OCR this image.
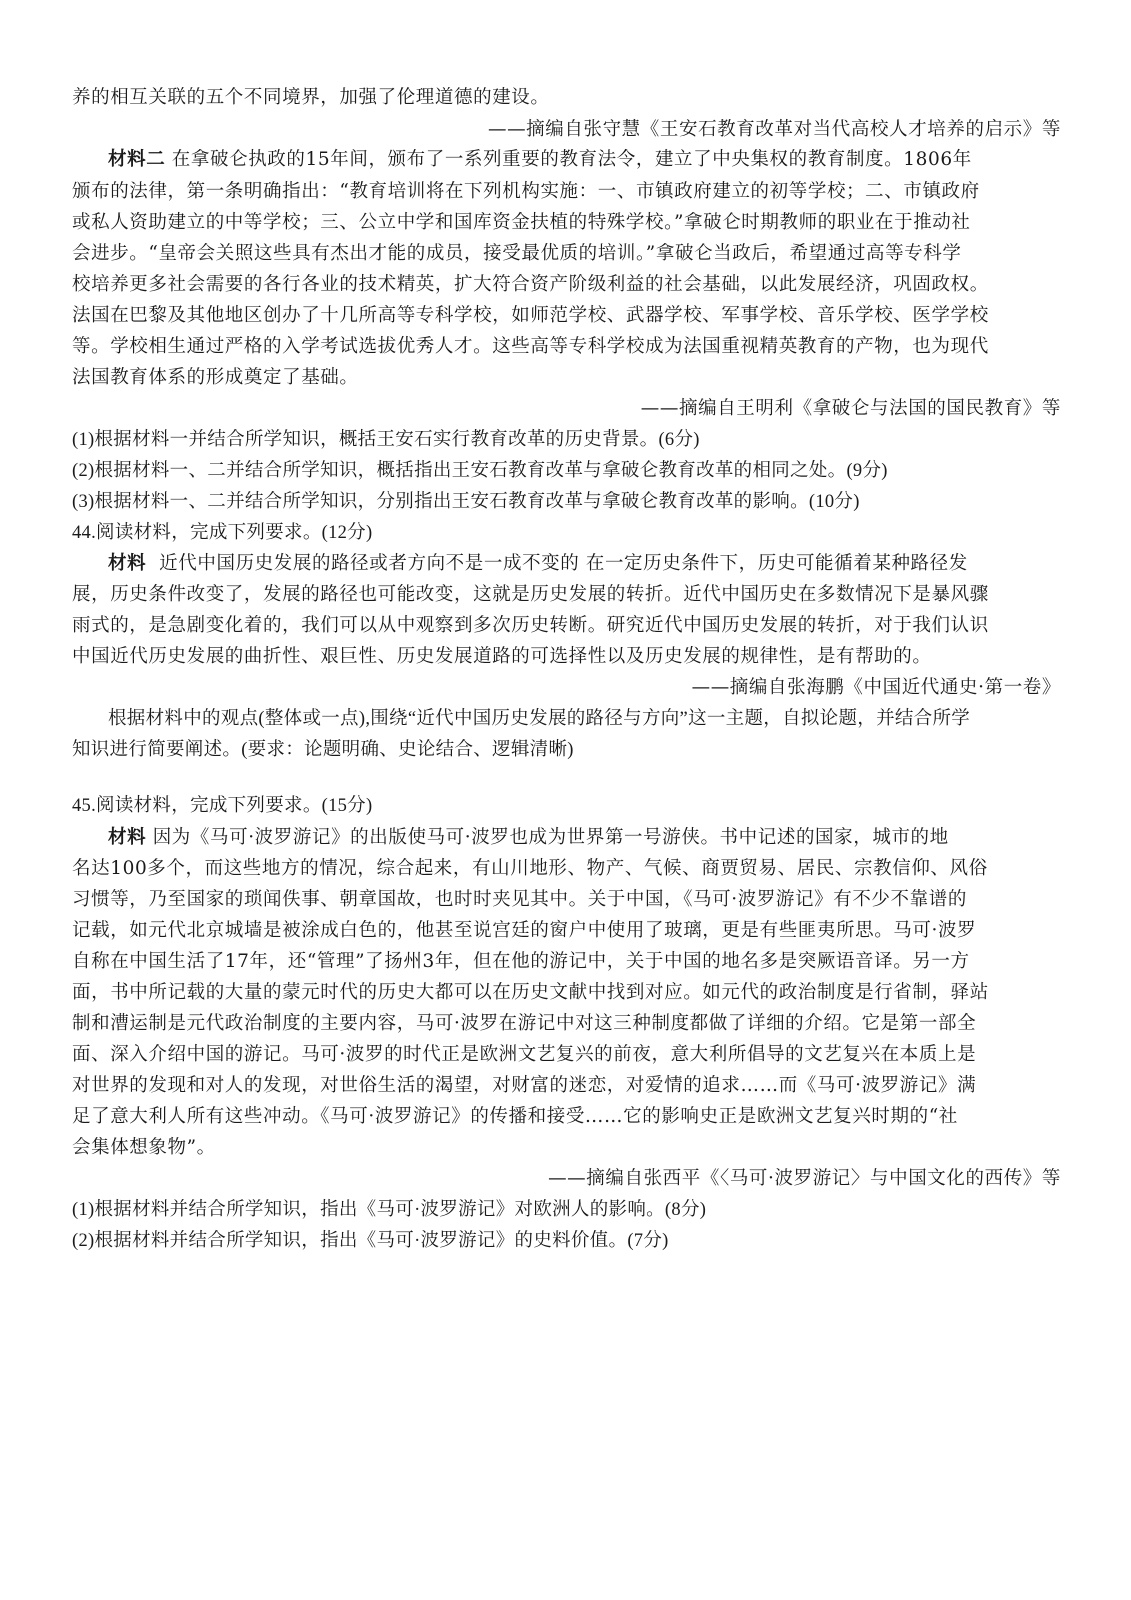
养的相互关联的五个不同境界，加强了伦理道德的建设。
——摘编自张守慧《王安石教育改革对当代高校人才培养的启示》等
材料二 在拿破仑执政的15年间，颁布了一系列重要的教育法令，建立了中央集权的教育制度。1806年
颁布的法律，第一条明确指出：“教育培训将在下列机构实施：一、市镇政府建立的初等学校；二、市镇政府
或私人资助建立的中等学校；三、公立中学和国库资金扶植的特殊学校。”拿破仑时期教师的职业在于推动社
会进步。“皇帝会关照这些具有杰出才能的成员，接受最优质的培训。”拿破仑当政后，希望通过高等专科学
校培养更多社会需要的各行各业的技术精英，扩大符合资产阶级利益的社会基础，以此发展经济，巩固政权。
法国在巴黎及其他地区创办了十几所高等专科学校，如师范学校、武器学校、军事学校、音乐学校、医学学校
等。学校相生通过严格的入学考试选拔优秀人才。这些高等专科学校成为法国重视精英教育的产物，也为现代
法国教育体系的形成奠定了基础。
——摘编自王明利《拿破仑与法国的国民教育》等
(1)根据材料一并结合所学知识，概括王安石实行教育改革的历史背景。(6分)
(2)根据材料一、二并结合所学知识，概括指出王安石教育改革与拿破仑教育改革的相同之处。(9分)
(3)根据材料一、二并结合所学知识，分别指出王安石教育改革与拿破仑教育改革的影响。(10分)
44.阅读材料，完成下列要求。(12分)
材料 近代中国历史发展的路径或者方向不是一成不变的 在一定历史条件下，历史可能循着某种路径发
展，历史条件改变了，发展的路径也可能改变，这就是历史发展的转折。近代中国历史在多数情况下是暴风骤
雨式的，是急剧变化着的，我们可以从中观察到多次历史转断。研究近代中国历史发展的转折，对于我们认识
中国近代历史发展的曲折性、艰巨性、历史发展道路的可选择性以及历史发展的规律性，是有帮助的。
——摘编自张海鹏《中国近代通史·第一卷》
根据材料中的观点(整体或一点),围绕“近代中国历史发展的路径与方向”这一主题，自拟论题，并结合所学
知识进行简要阐述。(要求：论题明确、史论结合、逻辑清晰)
45.阅读材料，完成下列要求。(15分)
材料 因为《马可·波罗游记》的出版使马可·波罗也成为世界第一号游侠。书中记述的国家，城市的地
名达100多个，而这些地方的情况，综合起来，有山川地形、物产、气候、商贾贸易、居民、宗教信仰、风俗
习惯等，乃至国家的琐闻佚事、朝章国故，也时时夹见其中。关于中国，《马可·波罗游记》有不少不靠谱的
记载，如元代北京城墙是被涂成白色的，他甚至说宫廷的窗户中使用了玻璃，更是有些匪夷所思。马可·波罗
自称在中国生活了17年，还“管理”了扬州3年，但在他的游记中，关于中国的地名多是突厥语音译。另一方
面，书中所记载的大量的蒙元时代的历史大都可以在历史文献中找到对应。如元代的政治制度是行省制，驿站
制和漕运制是元代政治制度的主要内容，马可·波罗在游记中对这三种制度都做了详细的介绍。它是第一部全
面、深入介绍中国的游记。马可·波罗的时代正是欧洲文艺复兴的前夜，意大利所倡导的文艺复兴在本质上是
对世界的发现和对人的发现，对世俗生活的渴望，对财富的迷恋，对爱情的追求……而《马可·波罗游记》满
足了意大利人所有这些冲动。《马可·波罗游记》的传播和接受……它的影响史正是欧洲文艺复兴时期的“社
会集体想象物”。
——摘编自张西平《〈马可·波罗游记〉与中国文化的西传》等
(1)根据材料并结合所学知识，指出《马可·波罗游记》对欧洲人的影响。(8分)
(2)根据材料并结合所学知识，指出《马可·波罗游记》的史料价值。(7分)
